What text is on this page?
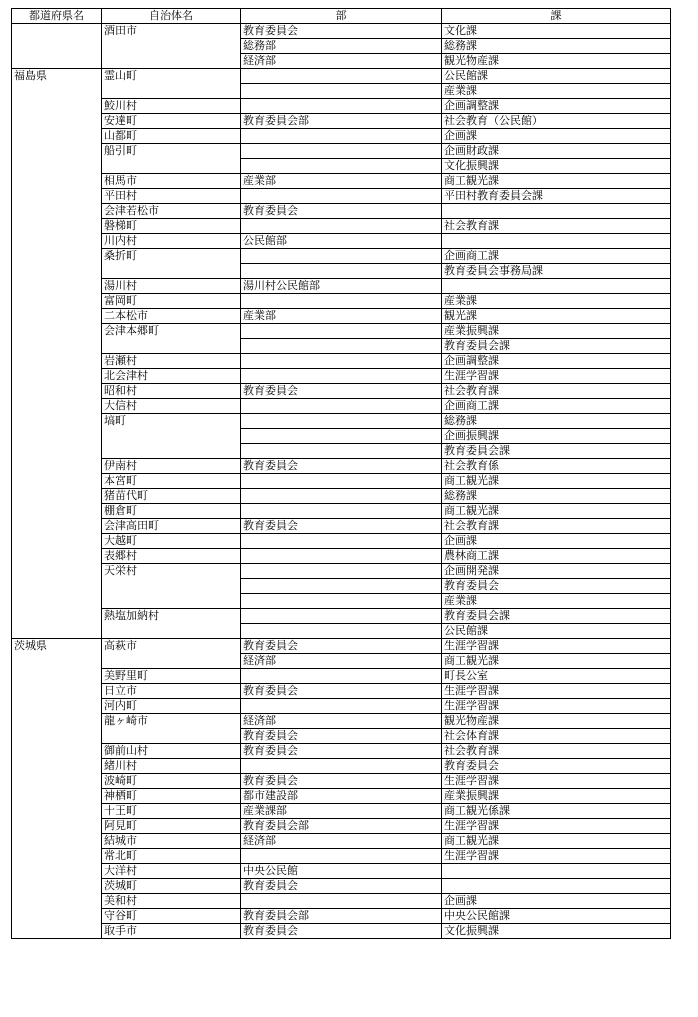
都道府県名	自治体名	部	課
	酒田市	教育委員会	文化課
		総務部	総務課
		経済部	観光物産課
福島県	霊山町		公民館課
			産業課
	鮫川村		企画調整課
	安達町	教育委員会部	社会教育（公民館）
	山都町		企画課
	船引町		企画財政課
			文化振興課
	相馬市	産業部	商工観光課
	平田村		平田村教育委員会課
	会津若松市	教育委員会	
	磐梯町		社会教育課
	川内村	公民館部	
	桑折町		企画商工課
			教育委員会事務局課
	湯川村	湯川村公民館部	
	富岡町		産業課
	二本松市	産業部	観光課
	会津本郷町		産業振興課
			教育委員会課
	岩瀬村		企画調整課
	北会津村		生涯学習課
	昭和村	教育委員会	社会教育課
	大信村		企画商工課
	塙町		総務課
			企画振興課
			教育委員会課
	伊南村	教育委員会	社会教育係
	本宮町		商工観光課
	猪苗代町		総務課
	棚倉町		商工観光課
	会津高田町	教育委員会	社会教育課
	大越町		企画課
	表郷村		農林商工課
	天栄村		企画開発課
			教育委員会
			産業課
	熱塩加納村		教育委員会課
			公民館課
茨城県	高萩市	教育委員会	生涯学習課
		経済部	商工観光課
	美野里町		町長公室
	日立市	教育委員会	生涯学習課
	河内町		生涯学習課
	龍ヶ崎市	経済部	観光物産課
		教育委員会	社会体育課
	御前山村	教育委員会	社会教育課
	緒川村		教育委員会
	波崎町	教育委員会	生涯学習課
	神栖町	都市建設部	産業振興課
	十王町	産業課部	商工観光係課
	阿見町	教育委員会部	生涯学習課
	結城市	経済部	商工観光課
	常北町		生涯学習課
	大洋村	中央公民館	
	茨城町	教育委員会	
	美和村		企画課
	守谷町	教育委員会部	中央公民館課
	取手市	教育委員会	文化振興課
